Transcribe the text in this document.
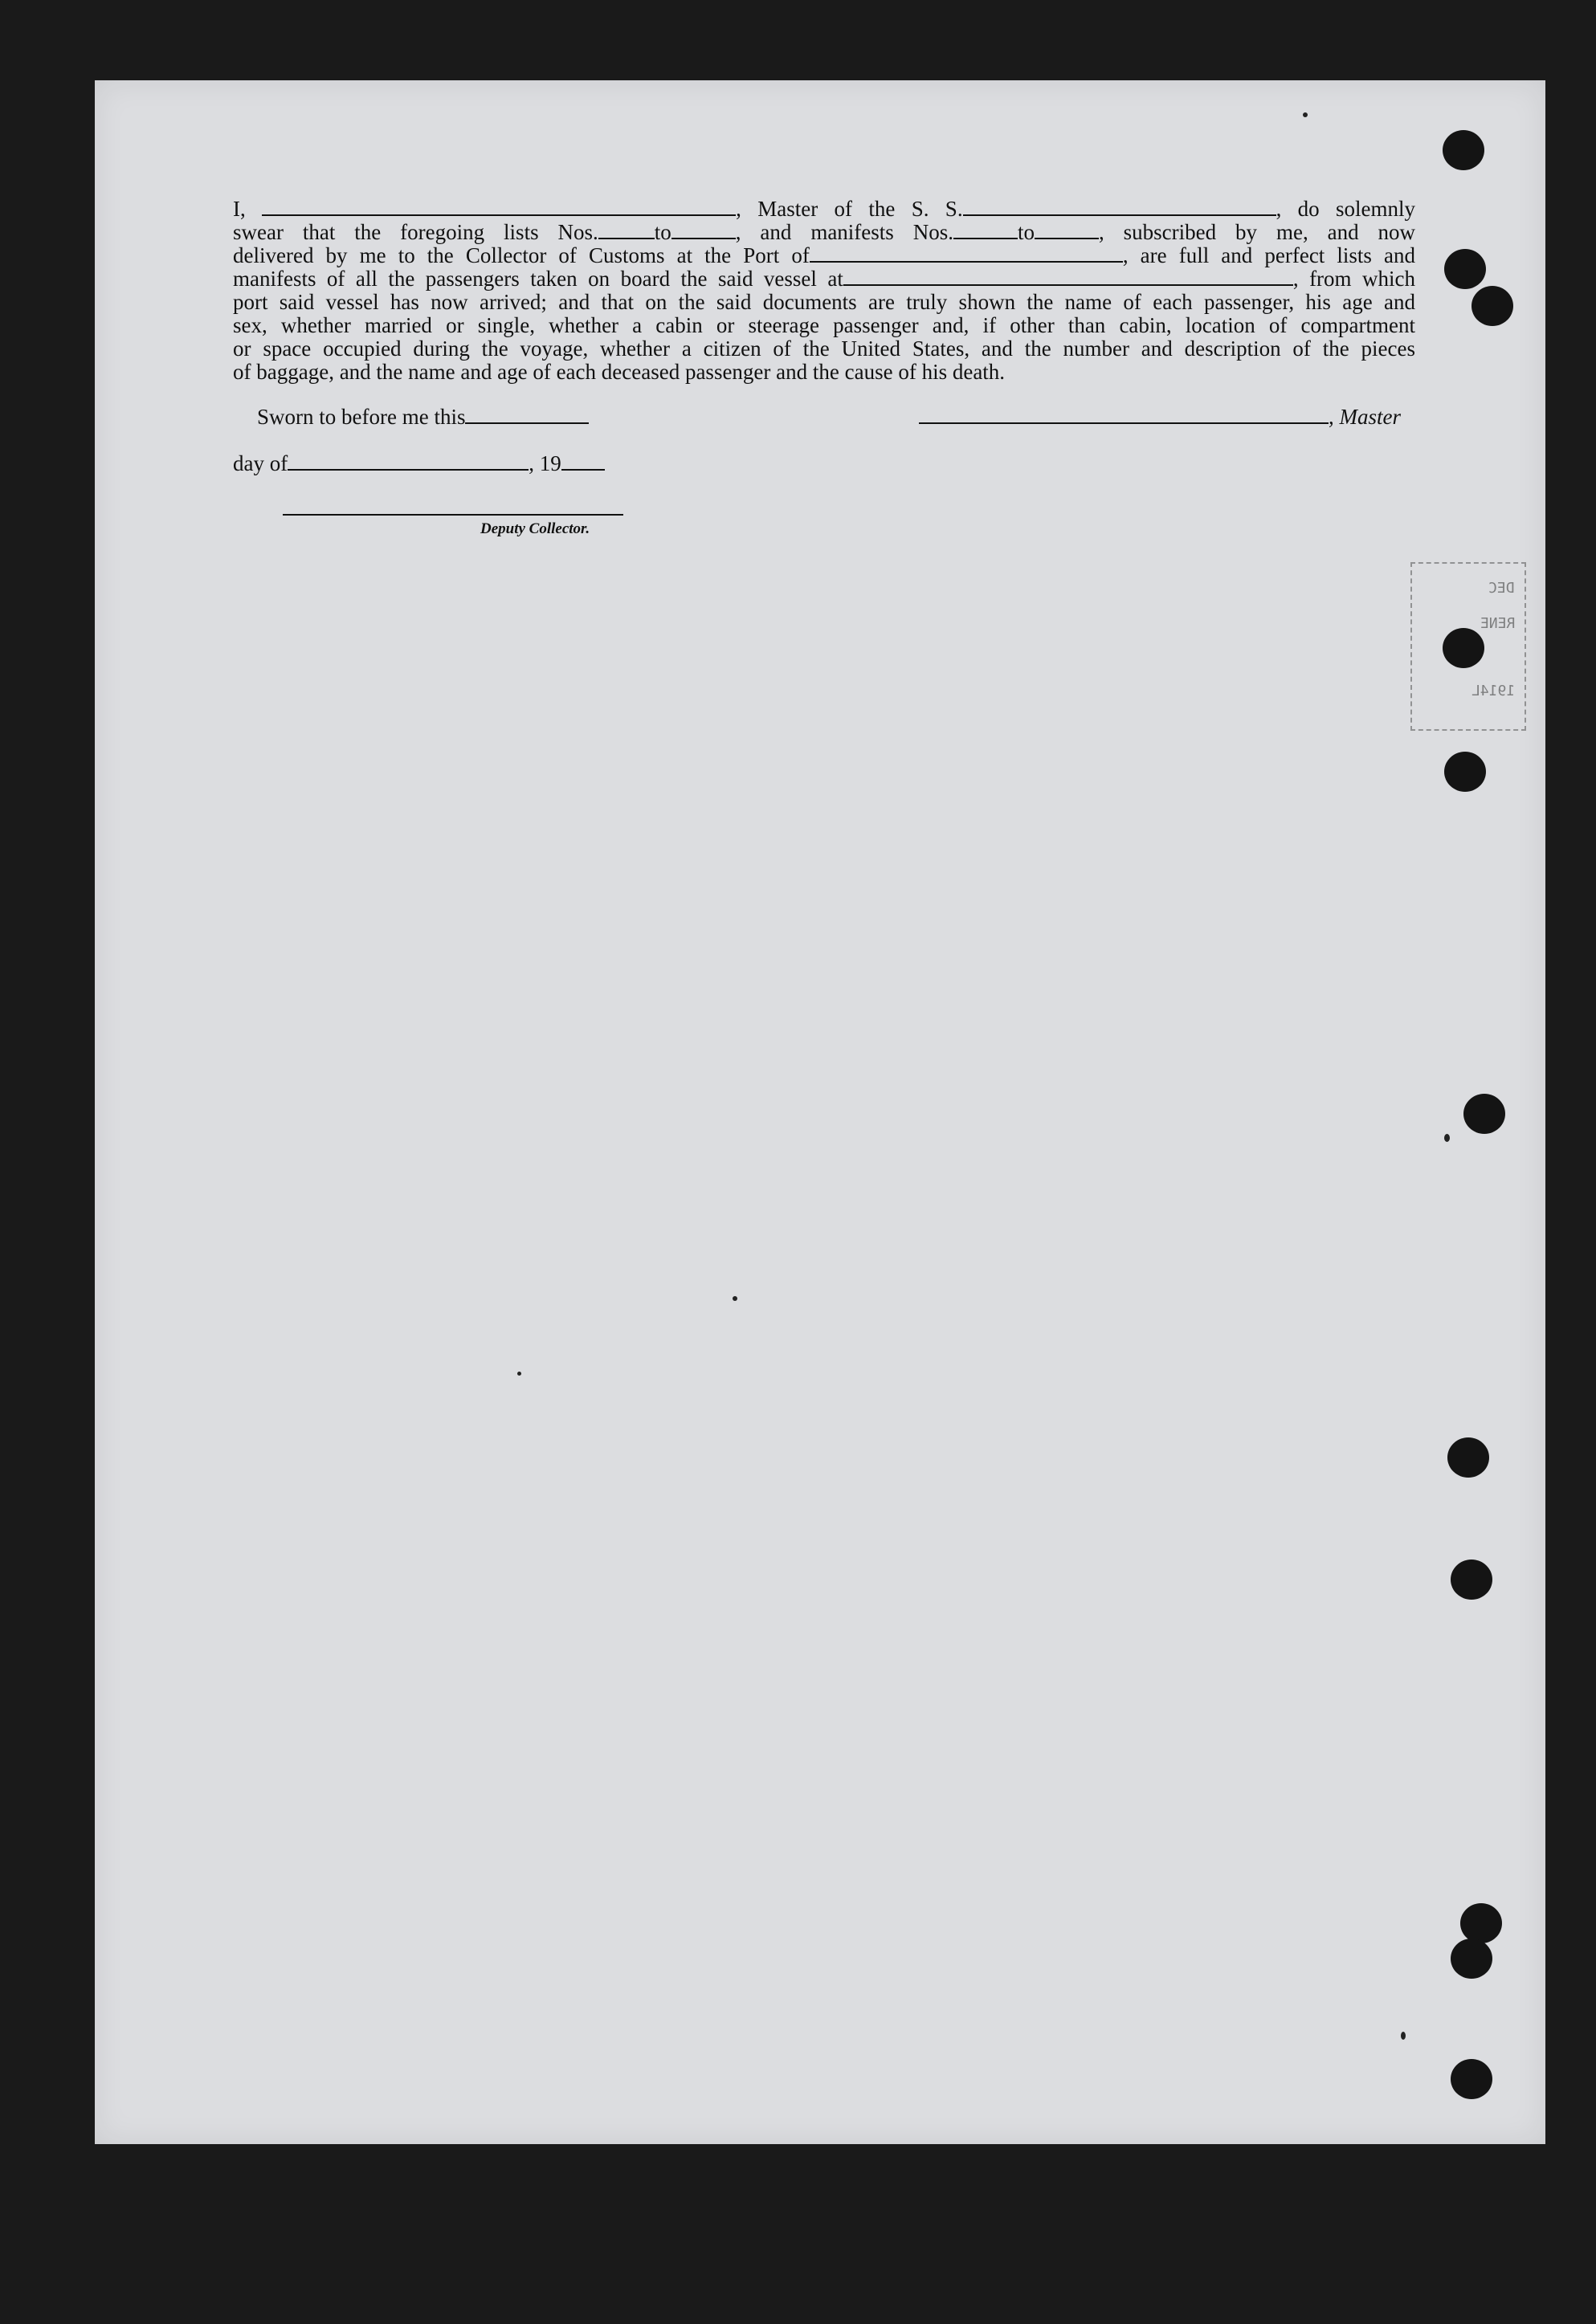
I,	, Master of the S. S.	, do solemnly
swear that the foregoing lists Nos.	to	, and manifests Nos.	to	, subscribed by me, and now
delivered by me to the Collector of Customs at the Port of	, are full and perfect lists and
manifests of all the passengers taken on board the said vessel at	, from which
port said vessel has now arrived; and that on the said documents are truly shown the name of each passenger, his age and
sex, whether married or single, whether a cabin or steerage passenger and, if other than cabin, location of compartment
or space occupied during the voyage, whether a citizen of the United States, and the number and description of the pieces
of baggage, and the name and age of each deceased passenger and the cause of his death.
Sworn to before me this	, Master
day of	, 19
Deputy Collector.
DEC
RENE
1914L
